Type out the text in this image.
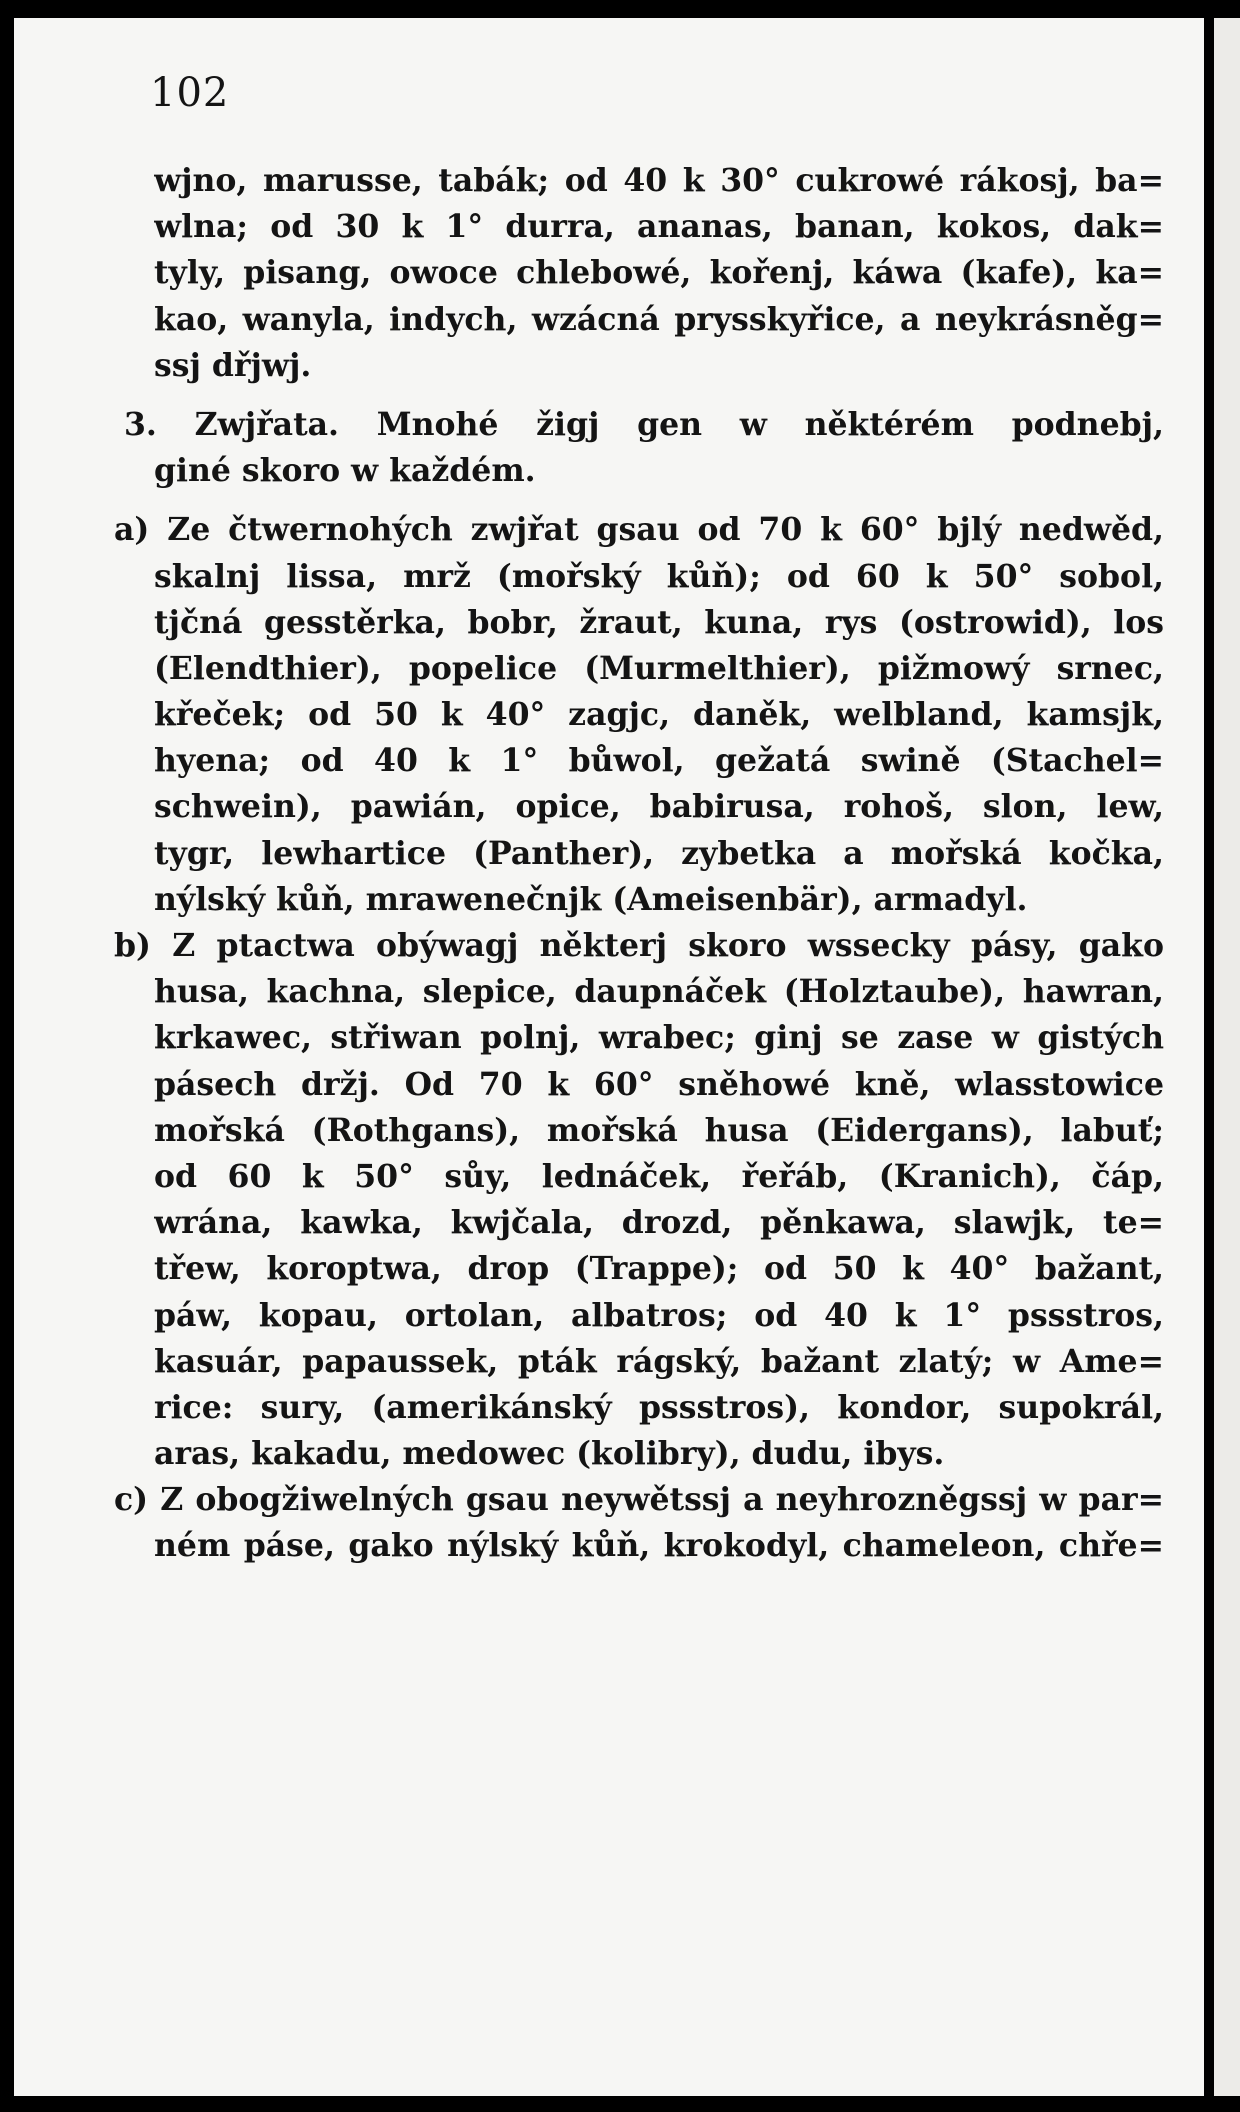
102
wjno, marusse, tabák; od 40 k 30° cukrowé rákosj, ba=
wlna; od 30 k 1° durra, ananas, banan, kokos, dak=
tyly, pisang, owoce chlebowé, kořenj, káwa (kafe), ka=
kao, wanyla, indych, wzácná prysskyřice, a neykrásněg=
ssj dřjwj.
3. Zwjřata. Mnohé žigj gen w něktérém podnebj,
giné skoro w každém.
a) Ze čtwernohých zwjřat gsau od 70 k 60° bjlý nedwěd,
skalnj lissa, mrž (mořský kůň); od 60 k 50° sobol,
tjčná gesstěrka, bobr, žraut, kuna, rys (ostrowid), los
(Elendthier), popelice (Murmelthier), pižmowý srnec,
křeček; od 50 k 40° zagjc, daněk, welbland, kamsjk,
hyena; od 40 k 1° bůwol, gežatá swině (Stachel=
schwein), pawián, opice, babirusa, rohoš, slon, lew,
tygr, lewhartice (Panther), zybetka a mořská kočka,
nýlský kůň, mrawenečnjk (Ameisenbär), armadyl.
b) Z ptactwa obýwagj některj skoro wssecky pásy, gako
husa, kachna, slepice, daupnáček (Holztaube), hawran,
krkawec, střiwan polnj, wrabec; ginj se zase w gistých
pásech držj. Od 70 k 60° sněhowé kně, wlasstowice
mořská (Rothgans), mořská husa (Eidergans), labuť;
od 60 k 50° sůy, lednáček, řeřáb, (Kranich), čáp,
wrána, kawka, kwjčala, drozd, pěnkawa, slawjk, te=
třew, koroptwa, drop (Trappe); od 50 k 40° bažant,
páw, kopau, ortolan, albatros; od 40 k 1° pssstros,
kasuár, papaussek, pták rágský, bažant zlatý; w Ame=
rice: sury, (amerikánský pssstros), kondor, supokrál,
aras, kakadu, medowec (kolibry), dudu, ibys.
c) Z obogžiwelných gsau neywětssj a neyhrozněgssj w par=
ném páse, gako nýlský kůň, krokodyl, chameleon, chře=
